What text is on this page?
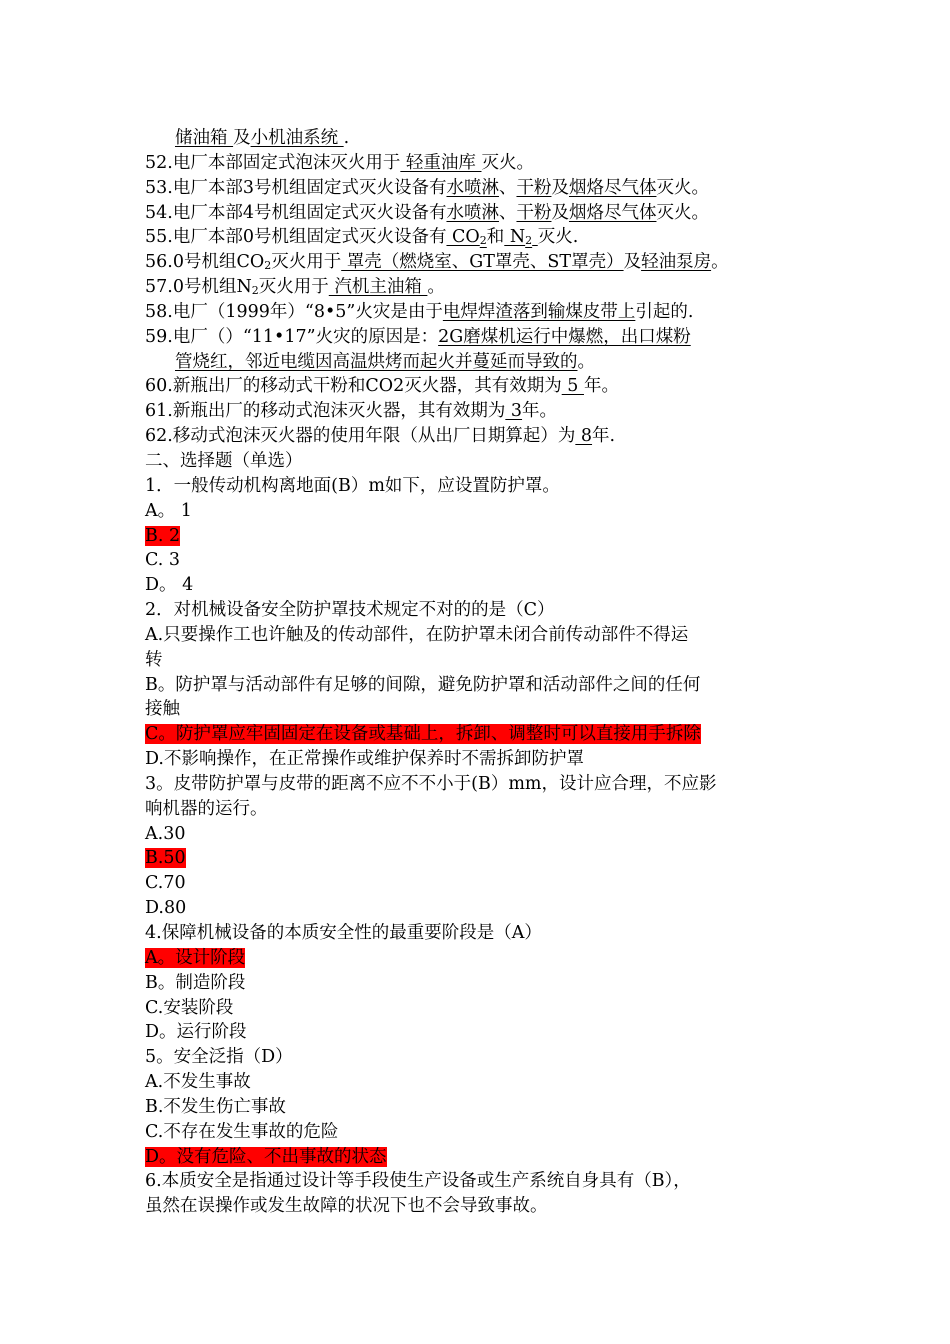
储油箱 及小机油系统 .
52.电厂本部固定式泡沫灭火用于 轻重油库 灭火。
53.电厂本部3号机组固定式灭火设备有水喷淋、干粉及烟烙尽气体灭火。
54.电厂本部4号机组固定式灭火设备有水喷淋、干粉及烟烙尽气体灭火。
55.电厂本部0号机组固定式灭火设备有 $CO_2$和 $N_2$ 灭火.
56.0号机组$CO_2$灭火用于 罩壳（燃烧室、GT罩壳、ST罩壳）及轻油泵房。
57.0号机组$N_2$灭火用于 汽机主油箱 。
58.电厂（1999年）“8•5”火灾是由于电焊焊渣落到输煤皮带上引起的.
59.电厂（）“11•17”火灾的原因是：2G磨煤机运行中爆燃，出口煤粉
管烧红，邻近电缆因高温烘烤而起火并蔓延而导致的。
60.新瓶出厂的移动式干粉和CO2灭火器，其有效期为 5 年。
61.新瓶出厂的移动式泡沫灭火器，其有效期为 3年。
62.移动式泡沫灭火器的使用年限（从出厂日期算起）为 8年.
二、选择题（单选）
1．一般传动机构离地面(B）m如下，应设置防护罩。
A。 1
B. 2
C. 3
D。 4
2．对机械设备安全防护罩技术规定不对的的是（C）
A.只要操作工也许触及的传动部件，在防护罩未闭合前传动部件不得运
转
B。防护罩与活动部件有足够的间隙，避免防护罩和活动部件之间的任何
接触
C。防护罩应牢固固定在设备或基础上，拆卸、调整时可以直接用手拆除
D.不影响操作，在正常操作或维护保养时不需拆卸防护罩
3。皮带防护罩与皮带的距离不应不不小于(B）mm，设计应合理，不应影
响机器的运行。
A.30
B.50
C.70
D.80
4.保障机械设备的本质安全性的最重要阶段是（A）
A。设计阶段
B。制造阶段
C.安装阶段
D。运行阶段
5。安全泛指（D）
A.不发生事故
B.不发生伤亡事故
C.不存在发生事故的危险
D。没有危险、不出事故的状态
6.本质安全是指通过设计等手段使生产设备或生产系统自身具有（B），
虽然在误操作或发生故障的状况下也不会导致事故。
